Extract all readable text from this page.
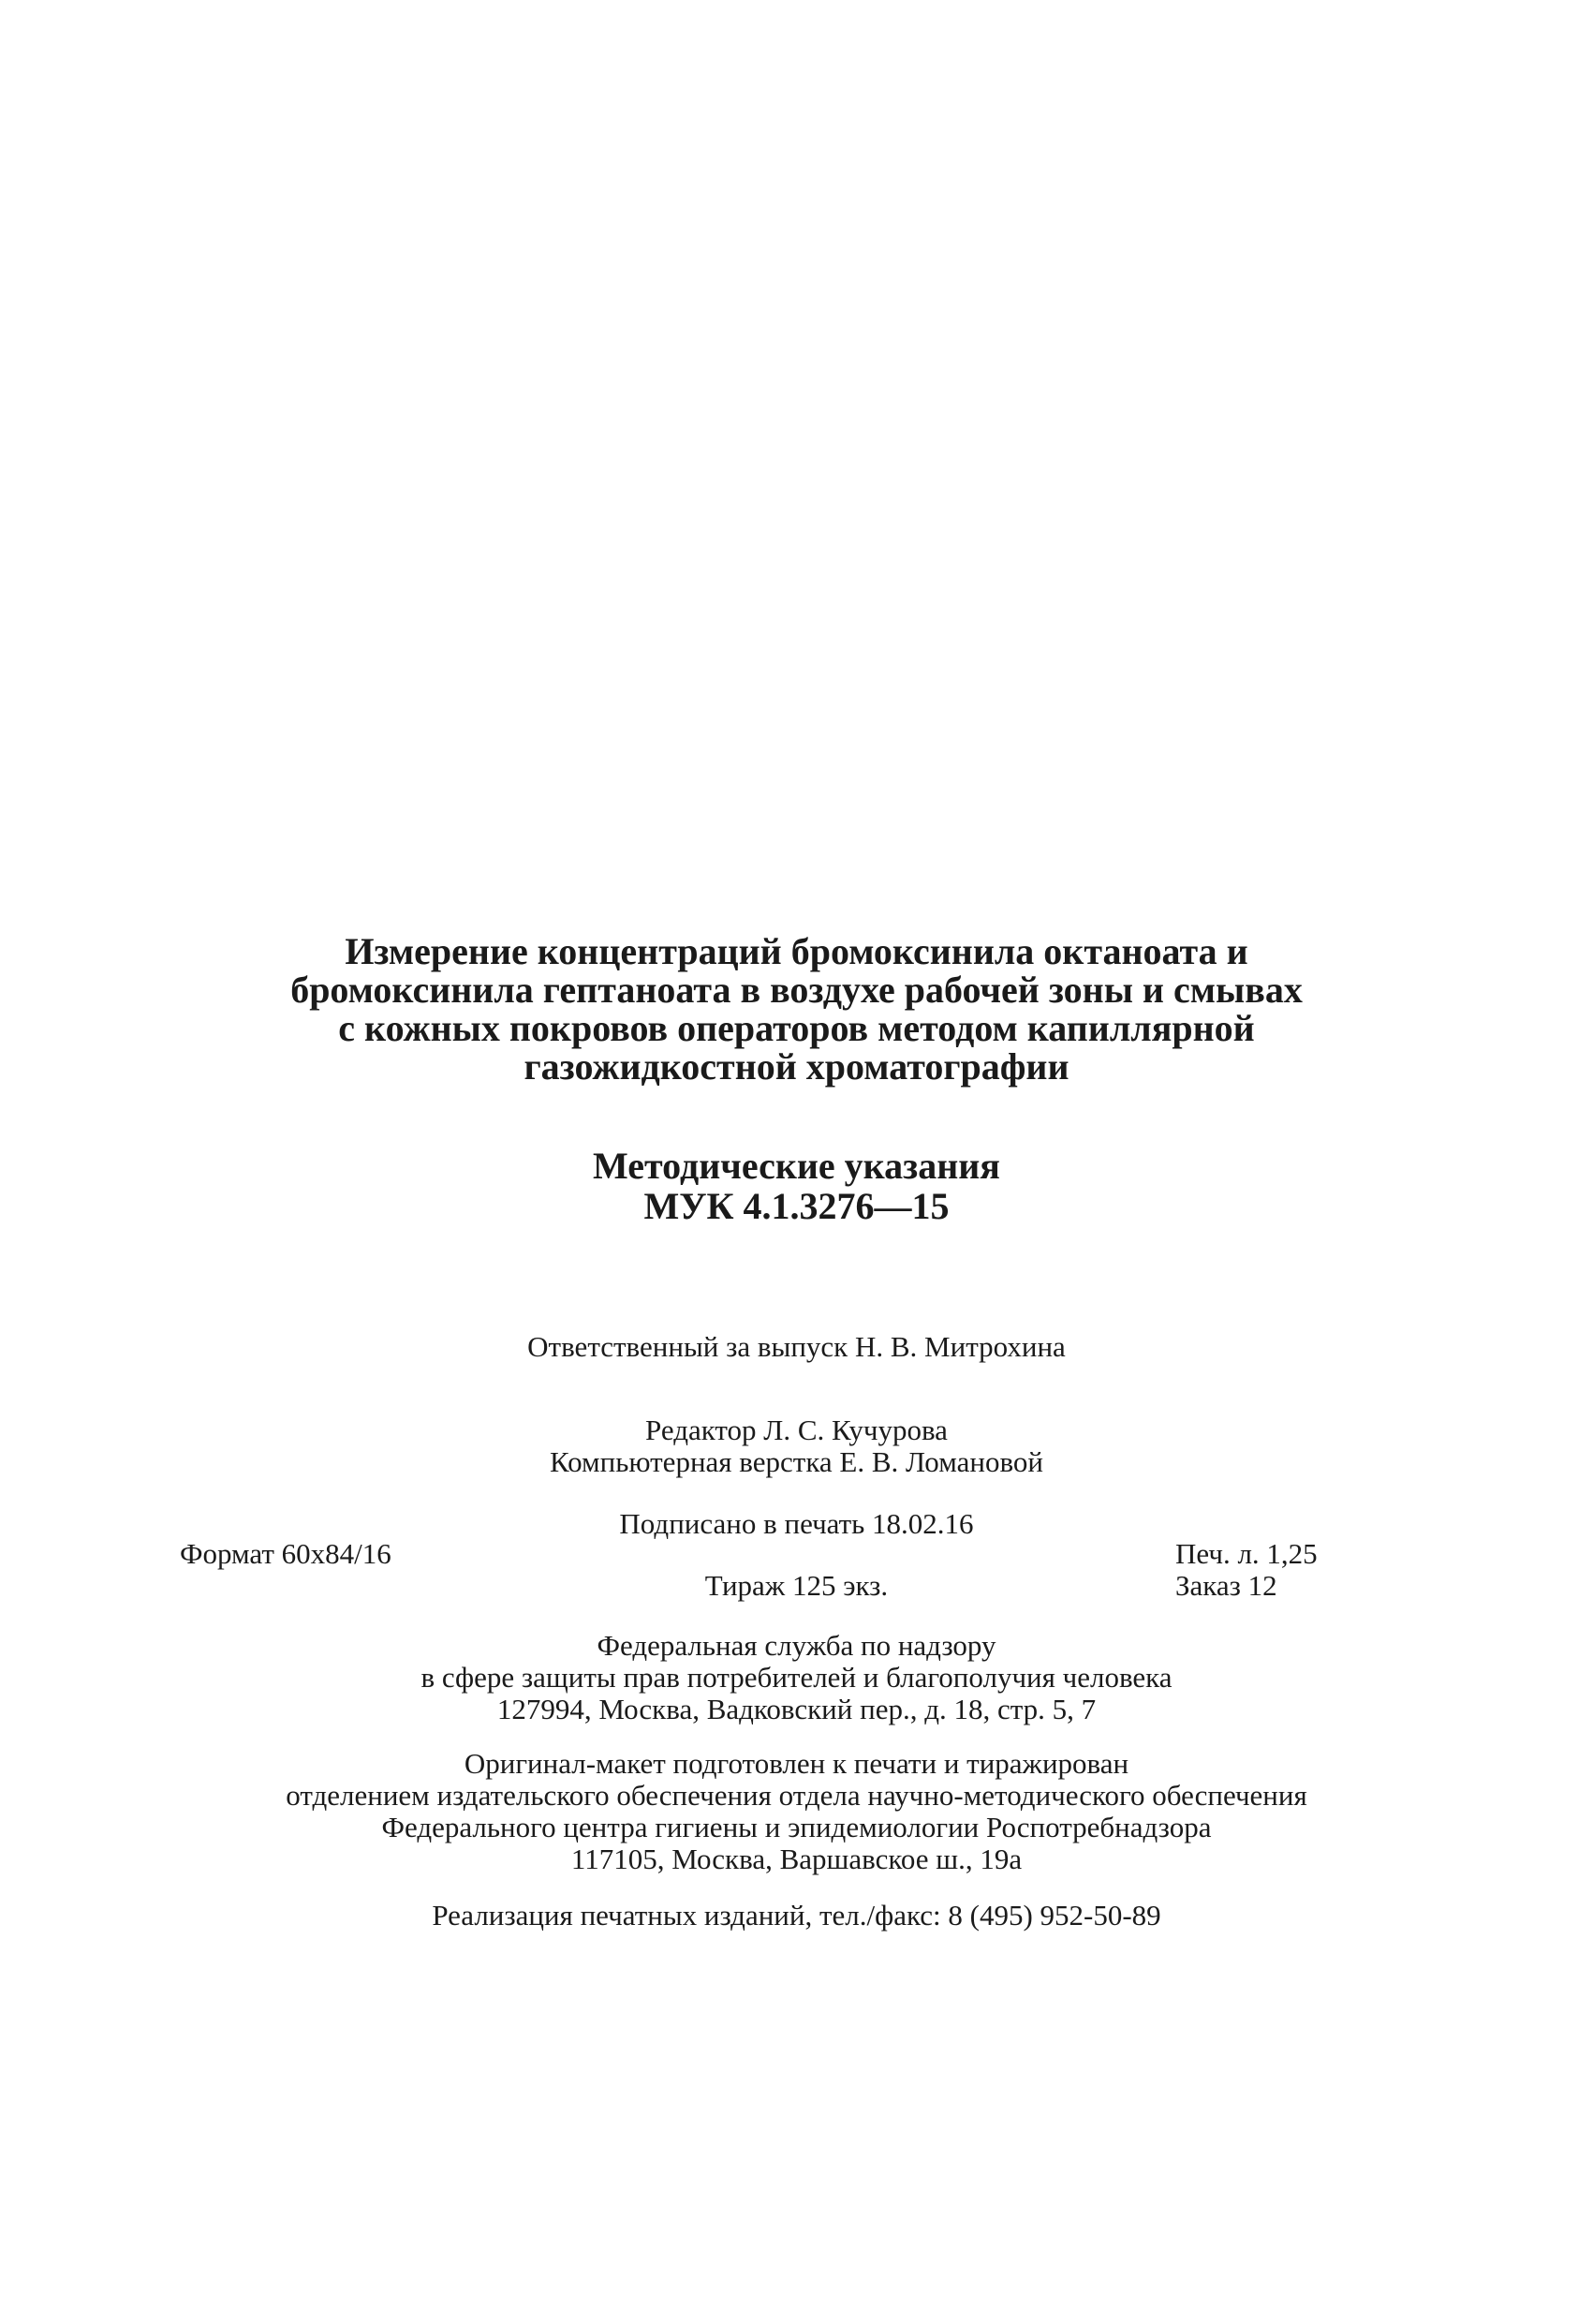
Измерение концентраций бромоксинила октаноата и
бромоксинила гептаноата в воздухе рабочей зоны и смывах
с кожных покровов операторов методом капиллярной
газожидкостной хроматографии
Методические указания
МУК 4.1.3276—15
Ответственный за выпуск Н. В. Митрохина
Редактор Л. С. Кучурова
Компьютерная верстка Е. В. Ломановой
Подписано в печать 18.02.16
Формат 60х84/16	Печ. л. 1,25
Тираж 125 экз.	Заказ 12
Федеральная служба по надзору
в сфере защиты прав потребителей и благополучия человека
127994, Москва, Вадковский пер., д. 18, стр. 5, 7
Оригинал-макет подготовлен к печати и тиражирован
отделением издательского обеспечения отдела научно-методического обеспечения
Федерального центра гигиены и эпидемиологии Роспотребнадзора
117105, Москва, Варшавское ш., 19а
Реализация печатных изданий, тел./факс: 8 (495) 952-50-89
